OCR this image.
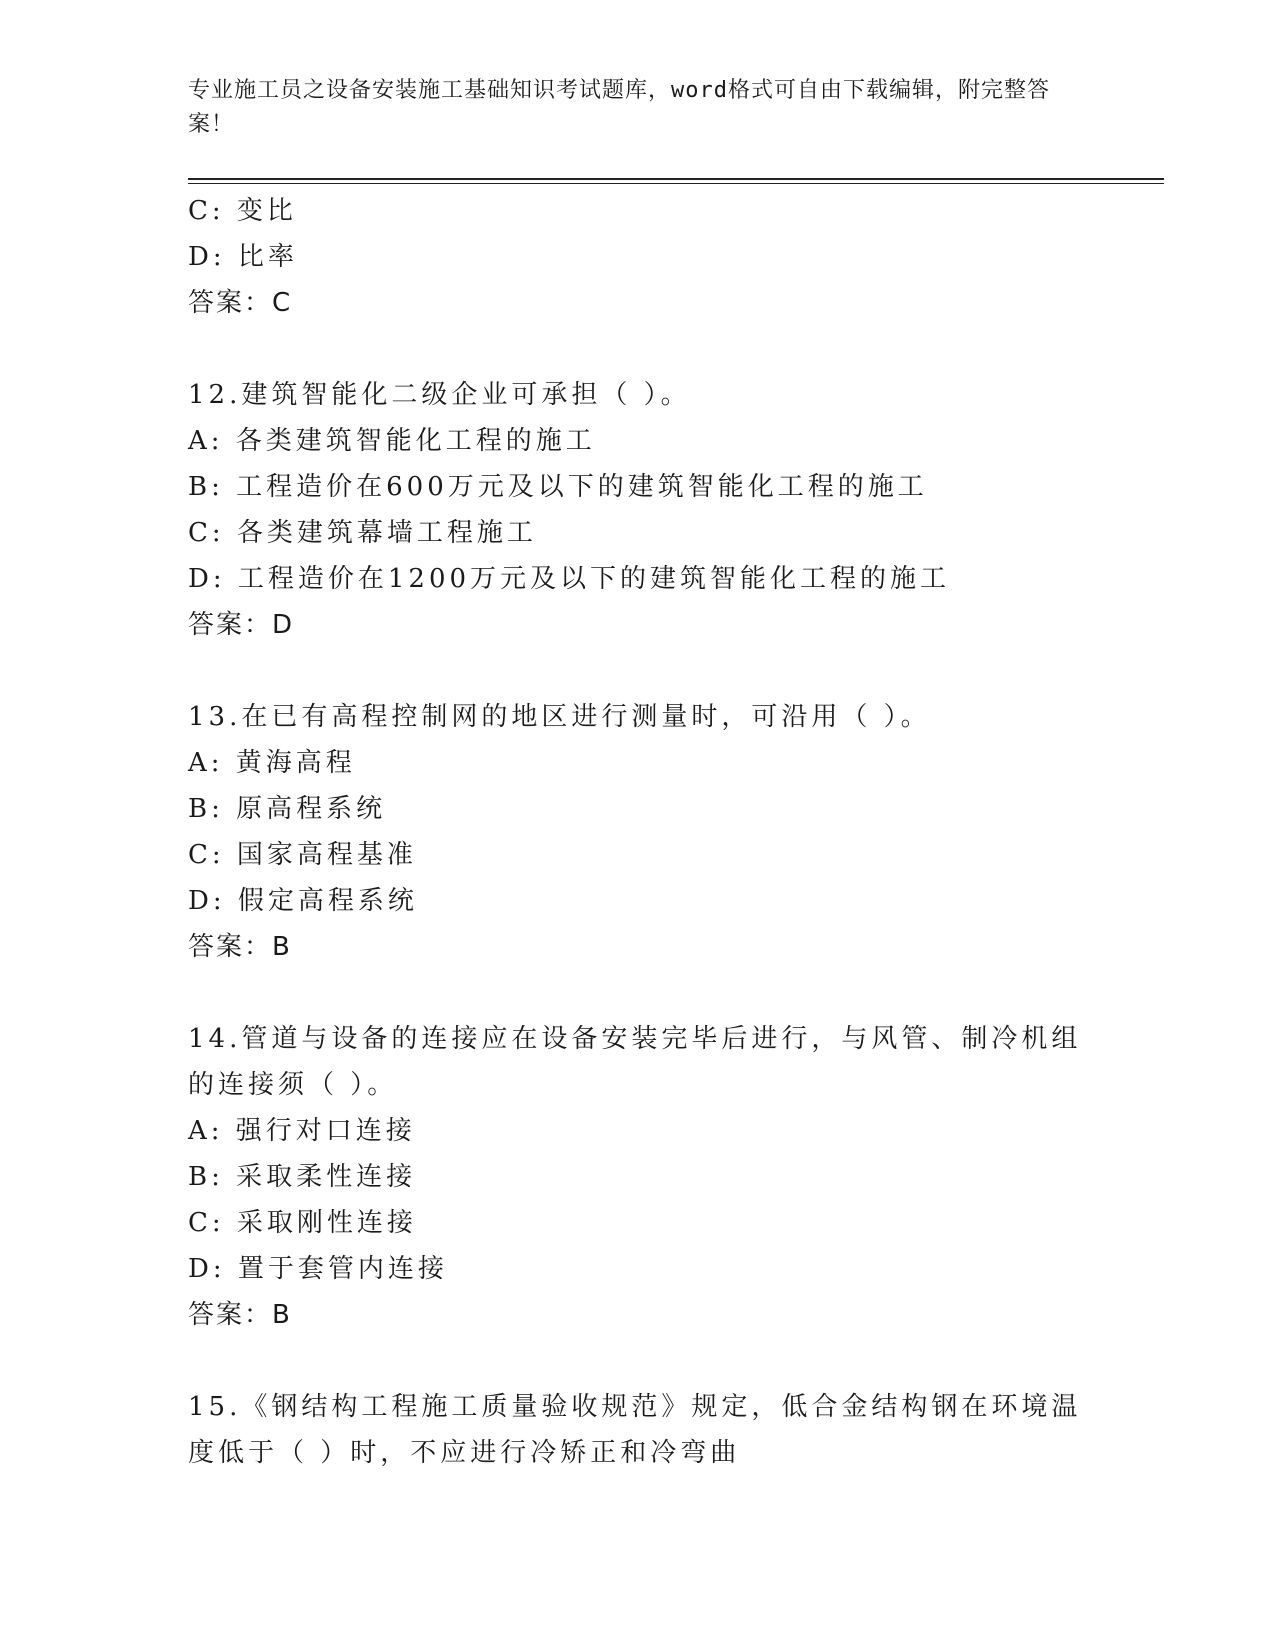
专业施工员之设备安装施工基础知识考试题库，word格式可自由下载编辑，附完整答案！
C: 变比
D: 比率
答案：C
12.建筑智能化二级企业可承担（ ）。
A: 各类建筑智能化工程的施工
B: 工程造价在600万元及以下的建筑智能化工程的施工
C: 各类建筑幕墙工程施工
D: 工程造价在1200万元及以下的建筑智能化工程的施工
答案：D
13.在已有高程控制网的地区进行测量时，可沿用（ ）。
A: 黄海高程
B: 原高程系统
C: 国家高程基准
D: 假定高程系统
答案：B
14.管道与设备的连接应在设备安装完毕后进行，与风管、制冷机组的连接须（ ）。
A: 强行对口连接
B: 采取柔性连接
C: 采取刚性连接
D: 置于套管内连接
答案：B
15.《钢结构工程施工质量验收规范》规定，低合金结构钢在环境温度低于（ ）时，不应进行冷矫正和冷弯曲
